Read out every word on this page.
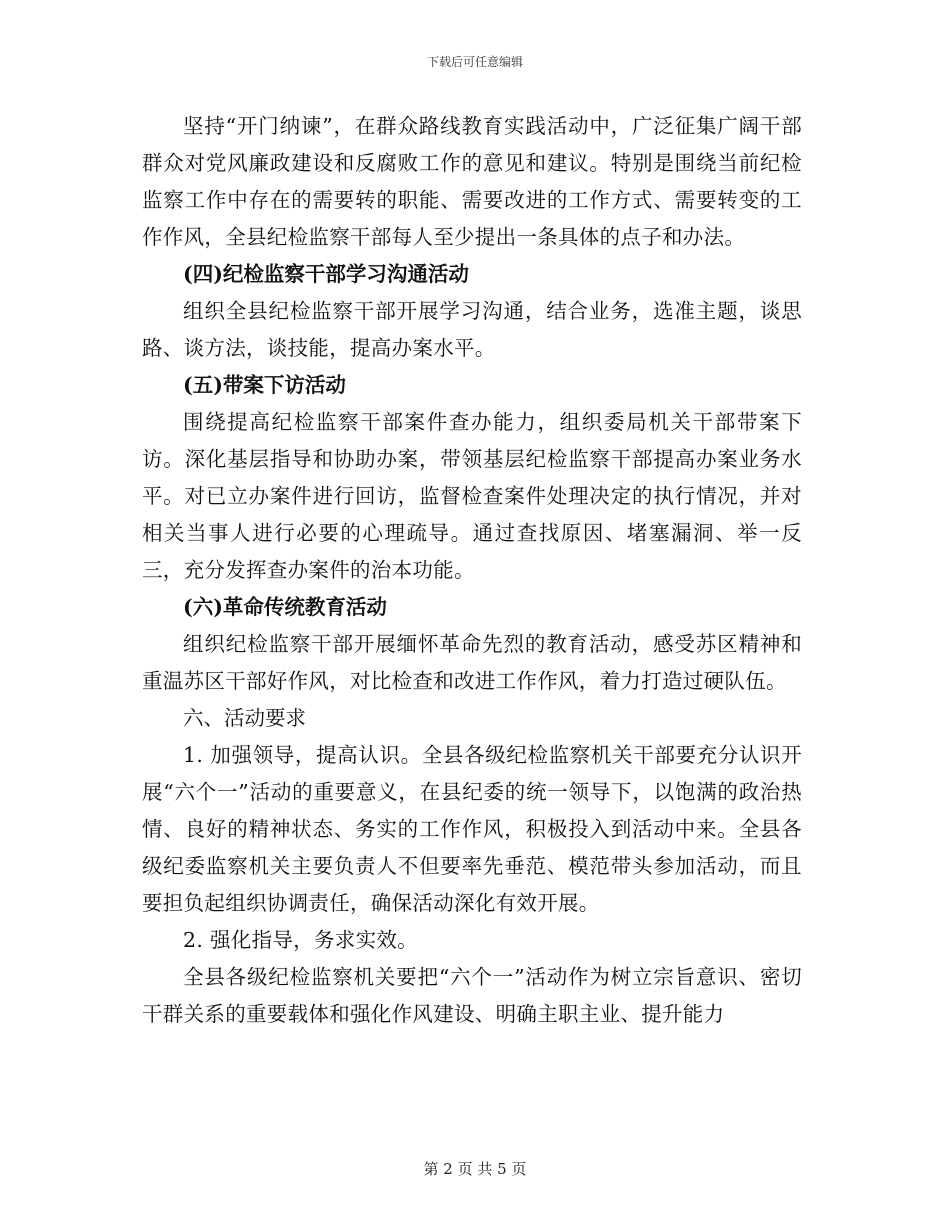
下载后可任意编辑

坚持“开门纳谏”，在群众路线教育实践活动中，广泛征集广阔干部群众对党风廉政建设和反腐败工作的意见和建议。特别是围绕当前纪检监察工作中存在的需要转的职能、需要改进的工作方式、需要转变的工作作风，全县纪检监察干部每人至少提出一条具体的点子和办法。

(四)纪检监察干部学习沟通活动

组织全县纪检监察干部开展学习沟通，结合业务，选准主题，谈思路、谈方法，谈技能，提高办案水平。

(五)带案下访活动

围绕提高纪检监察干部案件查办能力，组织委局机关干部带案下访。深化基层指导和协助办案，带领基层纪检监察干部提高办案业务水平。对已立办案件进行回访，监督检查案件处理决定的执行情况，并对相关当事人进行必要的心理疏导。通过查找原因、堵塞漏洞、举一反三，充分发挥查办案件的治本功能。

(六)革命传统教育活动

组织纪检监察干部开展缅怀革命先烈的教育活动，感受苏区精神和重温苏区干部好作风，对比检查和改进工作作风，着力打造过硬队伍。

六、活动要求

1. 加强领导，提高认识。全县各级纪检监察机关干部要充分认识开展“六个一”活动的重要意义，在县纪委的统一领导下，以饱满的政治热情、良好的精神状态、务实的工作作风，积极投入到活动中来。全县各级纪委监察机关主要负责人不但要率先垂范、模范带头参加活动，而且要担负起组织协调责任，确保活动深化有效开展。

2. 强化指导，务求实效。

全县各级纪检监察机关要把“六个一”活动作为树立宗旨意识、密切干群关系的重要载体和强化作风建设、明确主职主业、提升能力

第 2 页 共 5 页
